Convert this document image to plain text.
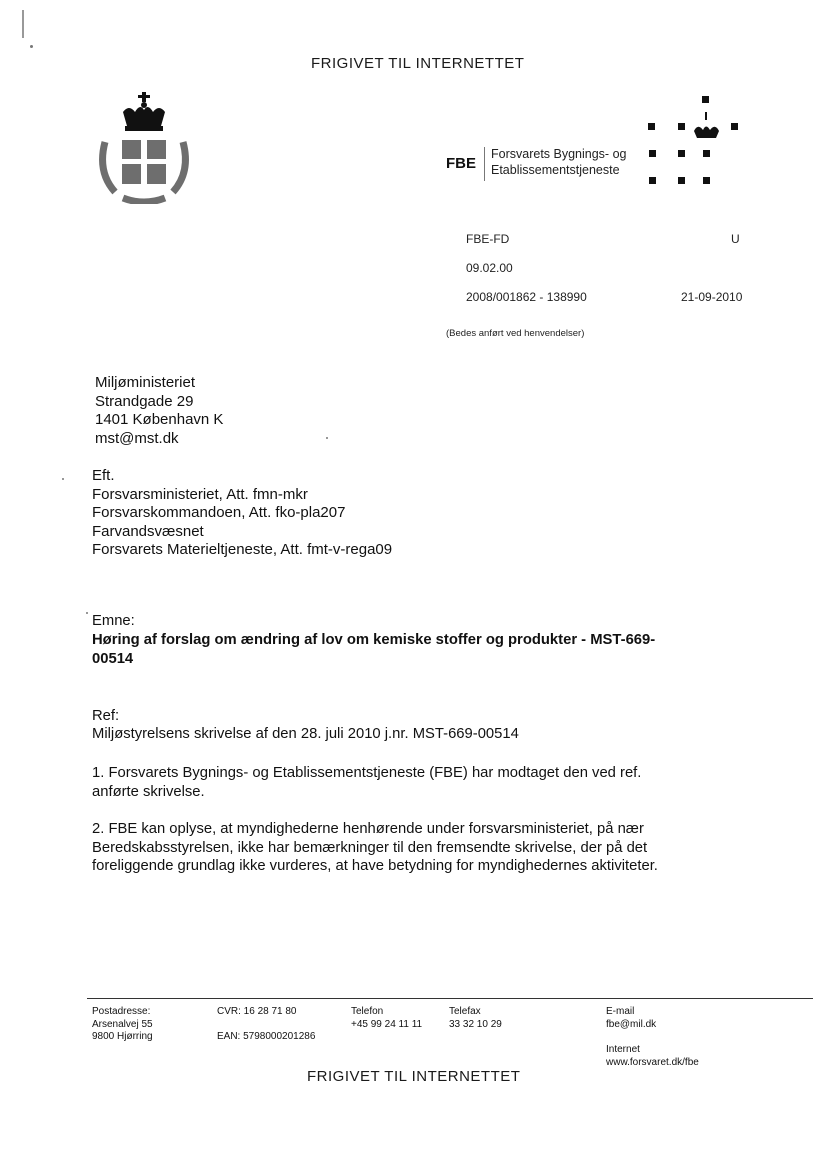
FRIGIVET TIL INTERNETTET
FBE
Forsvarets Bygnings- og
Etablissementstjeneste
FBE-FD	U
09.02.00
2008/001862 - 138990	21-09-2010
(Bedes anført ved henvendelser)
Miljøministeriet
Strandgade 29
1401 København K
mst@mst.dk
Eft.
Forsvarsministeriet, Att. fmn-mkr
Forsvarskommandoen, Att. fko-pla207
Farvandsvæsnet
Forsvarets Materieltjeneste, Att. fmt-v-rega09
Emne:
Høring af forslag om ændring af lov om kemiske stoffer og produkter - MST-669-
00514
Ref:
Miljøstyrelsens skrivelse af den 28. juli 2010 j.nr. MST-669-00514
1. Forsvarets Bygnings- og Etablissementstjeneste (FBE) har modtaget den ved ref.
anførte skrivelse.
2. FBE kan oplyse, at myndighederne henhørende under forsvarsministeriet, på nær
Beredskabsstyrelsen, ikke har bemærkninger til den fremsendte skrivelse, der på det
foreliggende grundlag ikke vurderes, at have betydning for myndighedernes aktiviteter.
Postadresse:
Arsenalvej 55
9800 Hjørring
CVR: 16 28 71 80
EAN: 5798000201286
Telefon
+45 99 24 11 11
Telefax
33 32 10 29
E-mail
fbe@mil.dk
Internet
www.forsvaret.dk/fbe
FRIGIVET TIL INTERNETTET
